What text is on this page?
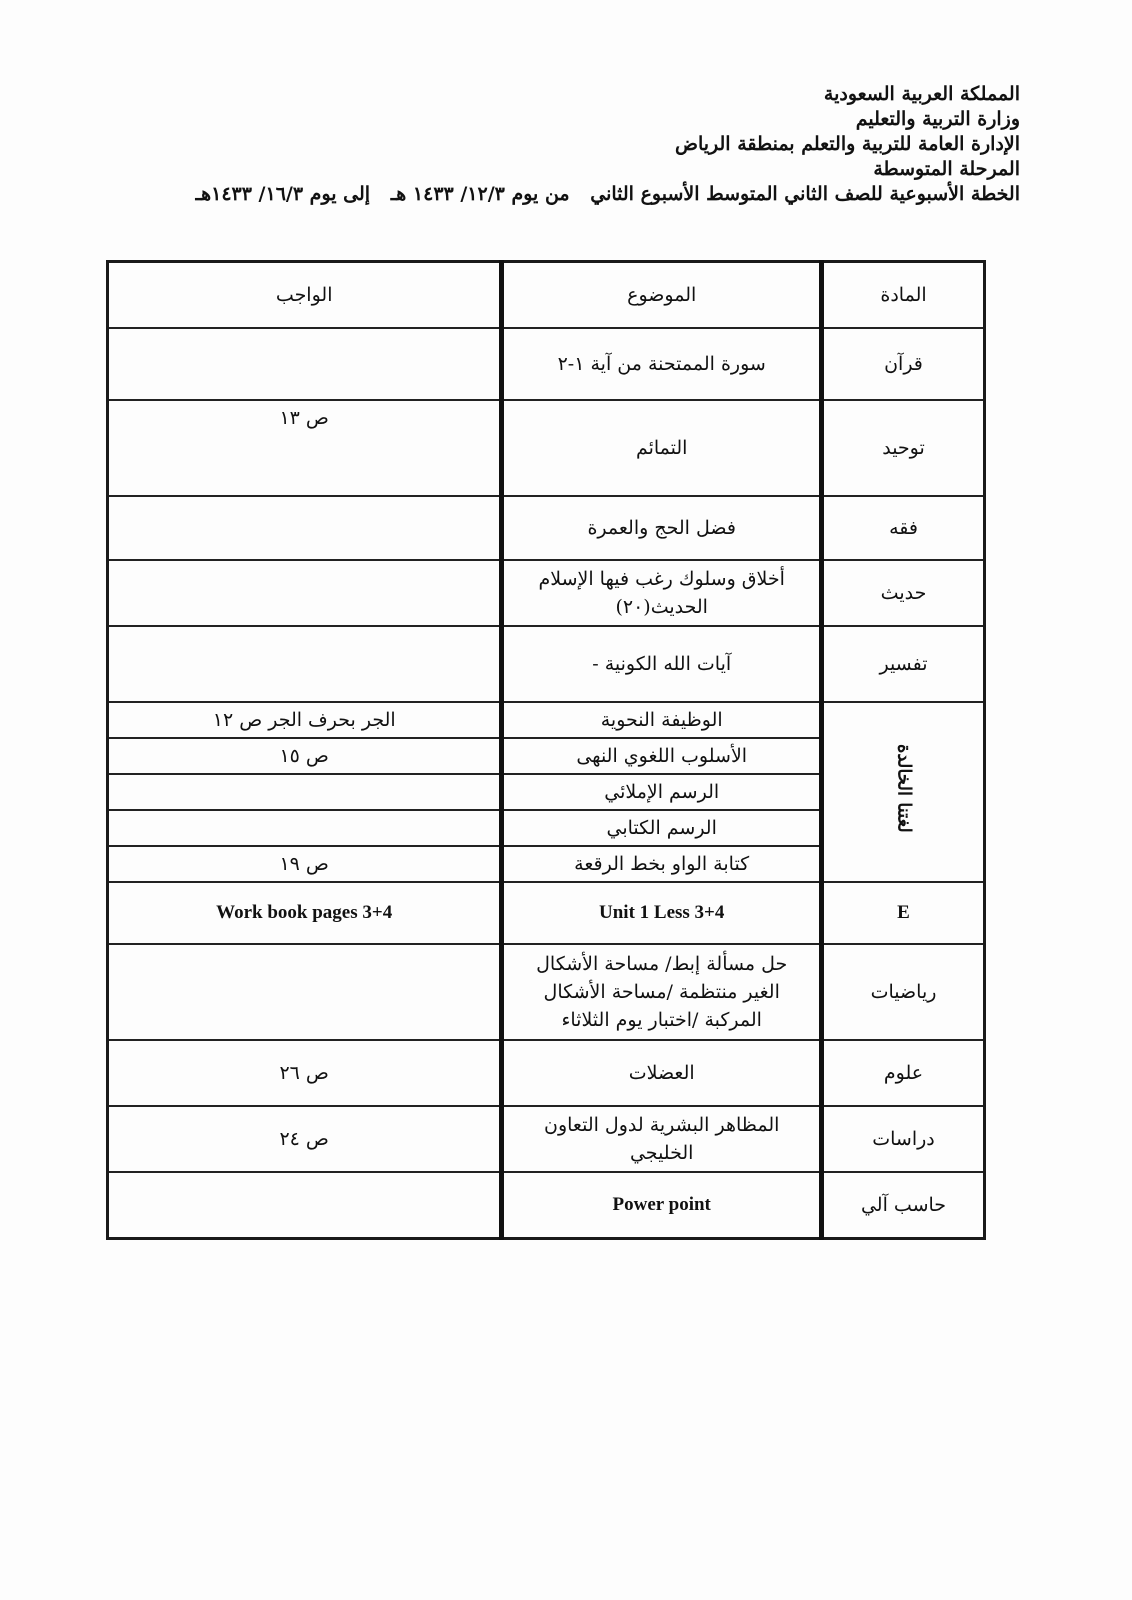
المملكة العربية السعودية
وزارة التربية والتعليم
الإدارة العامة للتربية والتعلم بمنطقة الرياض
المرحلة المتوسطة
الخطة الأسبوعية للصف الثاني المتوسط الأسبوع الثاني من يوم ١٢/٣/ ١٤٣٣ هـ إلى يوم ١٦/٣/ ١٤٣٣هـ
المادة	الموضوع	الواجب
قرآن	سورة الممتحنة من آية ١-٢	
توحيد	التمائم	ص ١٣
فقه	فضل الحج والعمرة	
حديث	أخلاق وسلوك رغب فيها الإسلام
الحديث(٢٠)	

تفسير	آيات الله الكونية -	
لغتنا الخالدة	الوظيفة النحوية	الجر بحرف الجر ص ١٢
	الأسلوب اللغوي النهى	ص ١٥
	الرسم الإملائي	
	الرسم الكتابي	
	كتابة الواو بخط الرقعة	ص ١٩
E	Unit 1 Less 3+4	Work book pages 3+4
رياضيات	حل مسألة إبط/ مساحة الأشكال
الغير منتظمة /مساحة الأشكال
المركبة /اختبار يوم الثلاثاء	

علوم	العضلات	ص ٢٦
دراسات	المظاهر البشرية لدول التعاون
الخليجي	ص ٢٤
حاسب آلي	Power point	
